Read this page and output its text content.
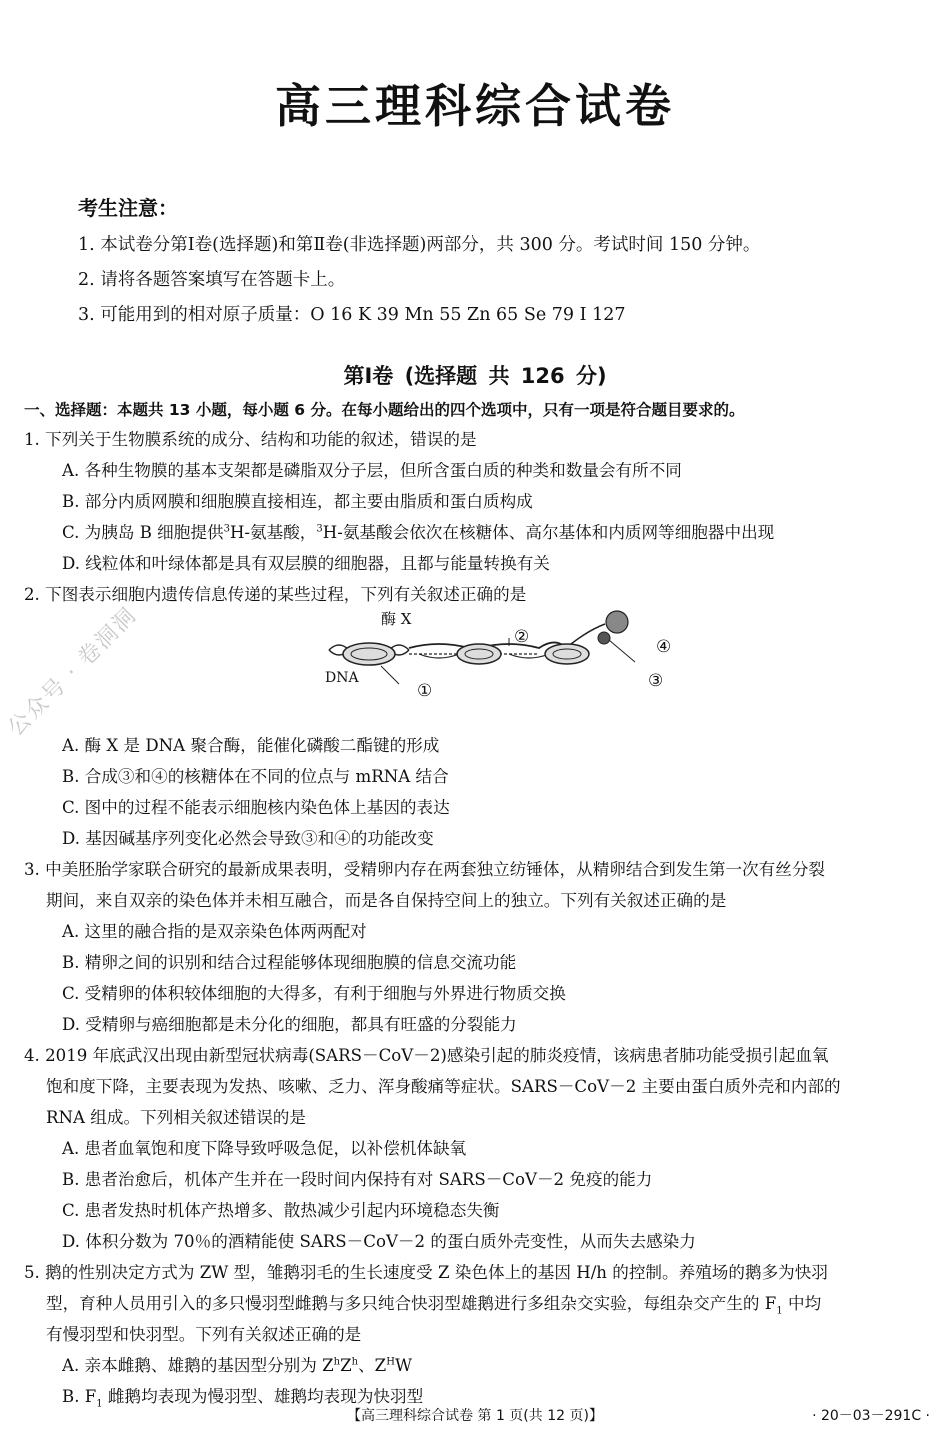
高三理科综合试卷
考生注意：
1. 本试卷分第Ⅰ卷(选择题)和第Ⅱ卷(非选择题)两部分，共 300 分。考试时间 150 分钟。
2. 请将各题答案填写在答题卡上。
3. 可能用到的相对原子质量：O 16 K 39 Mn 55 Zn 65 Se 79 I 127
第Ⅰ卷 (选择题 共 126 分)
一、选择题：本题共 13 小题，每小题 6 分。在每小题给出的四个选项中，只有一项是符合题目要求的。
1. 下列关于生物膜系统的成分、结构和功能的叙述，错误的是
A. 各种生物膜的基本支架都是磷脂双分子层，但所含蛋白质的种类和数量会有所不同
B. 部分内质网膜和细胞膜直接相连，都主要由脂质和蛋白质构成
C. 为胰岛 B 细胞提供$^3$H-氨基酸，$^3$H-氨基酸会依次在核糖体、高尔基体和内质网等细胞器中出现
D. 线粒体和叶绿体都是具有双层膜的细胞器，且都与能量转换有关
2. 下图表示细胞内遗传信息传递的某些过程，下列有关叙述正确的是
酶 X
DNA
①
②
③
④
A. 酶 X 是 DNA 聚合酶，能催化磷酸二酯键的形成
B. 合成③和④的核糖体在不同的位点与 mRNA 结合
C. 图中的过程不能表示细胞核内染色体上基因的表达
D. 基因碱基序列变化必然会导致③和④的功能改变
3. 中美胚胎学家联合研究的最新成果表明，受精卵内存在两套独立纺锤体，从精卵结合到发生第一次有丝分裂
期间，来自双亲的染色体并未相互融合，而是各自保持空间上的独立。下列有关叙述正确的是
A. 这里的融合指的是双亲染色体两两配对
B. 精卵之间的识别和结合过程能够体现细胞膜的信息交流功能
C. 受精卵的体积较体细胞的大得多，有利于细胞与外界进行物质交换
D. 受精卵与癌细胞都是未分化的细胞，都具有旺盛的分裂能力
4. 2019 年底武汉出现由新型冠状病毒(SARS－CoV－2)感染引起的肺炎疫情，该病患者肺功能受损引起血氧
饱和度下降，主要表现为发热、咳嗽、乏力、浑身酸痛等症状。SARS－CoV－2 主要由蛋白质外壳和内部的
RNA 组成。下列相关叙述错误的是
A. 患者血氧饱和度下降导致呼吸急促，以补偿机体缺氧
B. 患者治愈后，机体产生并在一段时间内保持有对 SARS－CoV－2 免疫的能力
C. 患者发热时机体产热增多、散热减少引起内环境稳态失衡
D. 体积分数为 70％的酒精能使 SARS－CoV－2 的蛋白质外壳变性，从而失去感染力
5. 鹅的性别决定方式为 ZW 型，雏鹅羽毛的生长速度受 Z 染色体上的基因 H/h 的控制。养殖场的鹅多为快羽
型，育种人员用引入的多只慢羽型雌鹅与多只纯合快羽型雄鹅进行多组杂交实验，每组杂交产生的 $F_1$ 中均
有慢羽型和快羽型。下列有关叙述正确的是
A. 亲本雌鹅、雄鹅的基因型分别为 $Z^hZ^h$、$Z^HW$
B. $F_1$ 雌鹅均表现为慢羽型、雄鹅均表现为快羽型
公众号 · 卷洞洞
【高三理科综合试卷 第 1 页(共 12 页)】	· 20－03－291C ·
